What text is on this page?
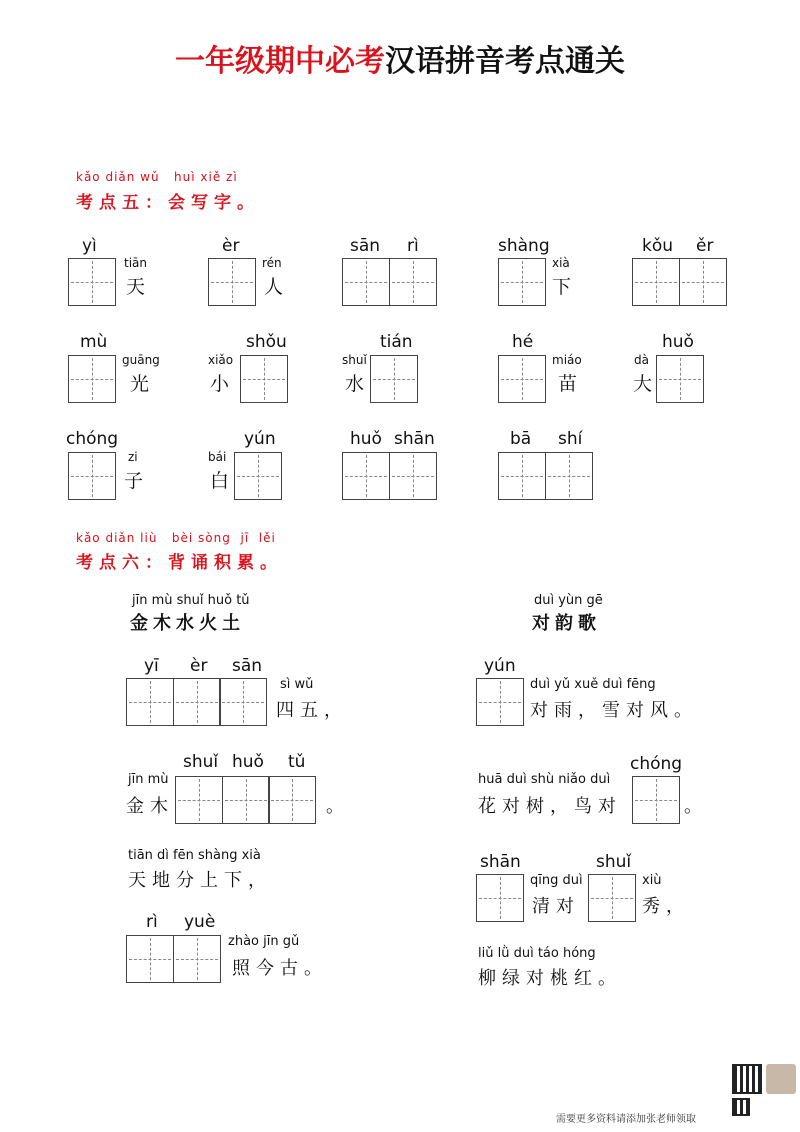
一年级期中必考汉语拼音考点通关
kǎo diǎn wǔ   huì xiě zì
考点五：会写字。
yì
tiān
天
èr
rén
人
sān rì	shàng
xià
下
kǒu ěr
mù
guāng
光
shǒu
xiǎo
小
tián
shuǐ
水
hé
miáo
苗
huǒ
dà
大
chóng
zi
子
yún
bái
白
huǒ shān	bā shí
kǎo diǎn liù   bèi sòng  jī  lěi
考点六：背诵积累。
jīn mù shuǐ huǒ tǔ
金木水火土
yī èr sān
sì wǔ
四五，
jīn mù
金木
shuǐ huǒ tǔ
。
tiān dì fēn shàng xià
天地分上下，
rì yuè
zhào jīn gǔ
照今古。
duì yùn gē
对韵歌
yún
duì yǔ xuě duì fēng
对雨，雪对风。
huā duì shù niǎo duì
花对树，鸟对
chóng
。
shān
qīng duì
清对
shuǐ
xiù
秀，
liǔ lǜ duì táo hóng
柳绿对桃红。
需要更多资料请添加张老师领取
